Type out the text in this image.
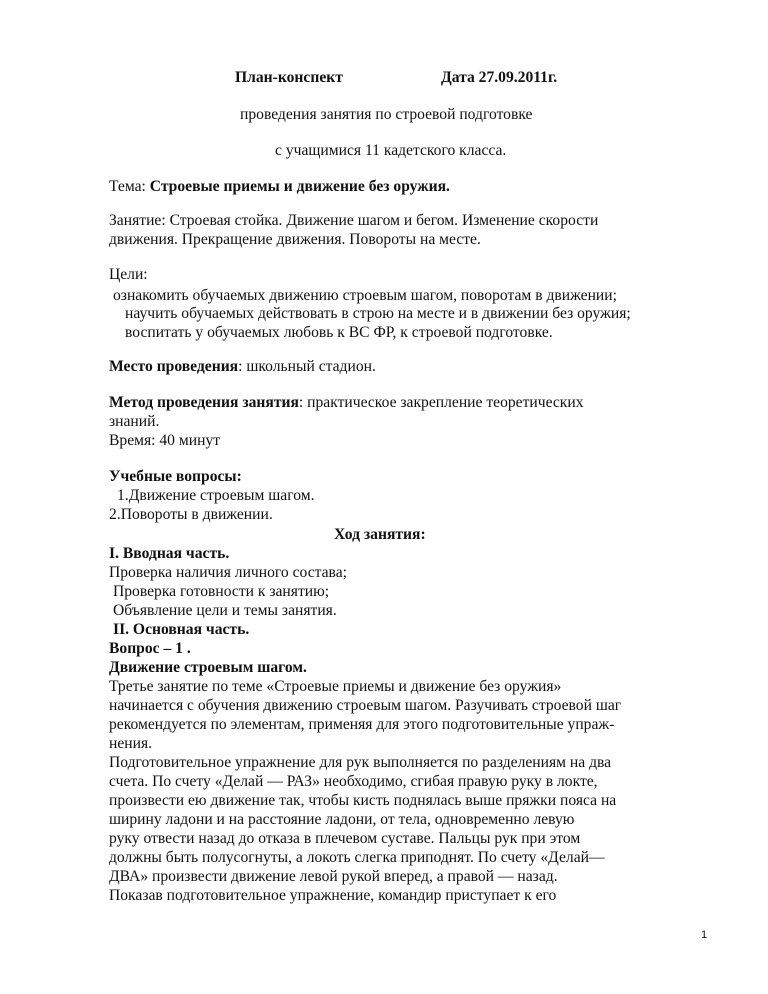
План-конспект	Дата 27.09.2011г.
проведения занятия по строевой подготовке
с учащимися 11 кадетского класса.
Тема: Строевые приемы и движение без оружия.
Занятие: Строевая стойка. Движение шагом и бегом. Изменение скорости
движения. Прекращение движения. Повороты на месте.
Цели:
ознакомить обучаемых движению строевым шагом, поворотам в движении;
научить обучаемых действовать в строю на месте и в движении без оружия;
воспитать у обучаемых любовь к ВС ФР, к строевой подготовке.
Место проведения: школьный стадион.
Метод проведения занятия: практическое закрепление теоретических
знаний.
Время: 40 минут
Учебные вопросы:
1.Движение строевым шагом.
2.Повороты в движении.
Ход занятия:
I. Вводная часть.
Проверка наличия личного состава;
Проверка готовности к занятию;
Объявление цели и темы занятия.
II. Основная часть.
Вопрос – 1 .
Движение строевым шагом.
Третье занятие по теме «Строевые приемы и движение без оружия»
начинается с обучения движению строевым шагом. Разучивать строевой шаг
рекомендуется по элементам, применяя для этого подготовительные упраж-
нения.
Подготовительное упражнение для рук выполняется по разделениям на два
счета. По счету «Делай — РАЗ» необходимо, сгибая правую руку в локте,
произвести ею движение так, чтобы кисть поднялась выше пряжки пояса на
ширину ладони и на расстояние ладони, от тела, одновременно левую
руку отвести назад до отказа в плечевом суставе. Пальцы рук при этом
должны быть полусогнуты, а локоть слегка приподнят. По счету «Делай—
ДВА» произвести движение левой рукой вперед, а правой — назад.
Показав подготовительное упражнение, командир приступает к его
1
